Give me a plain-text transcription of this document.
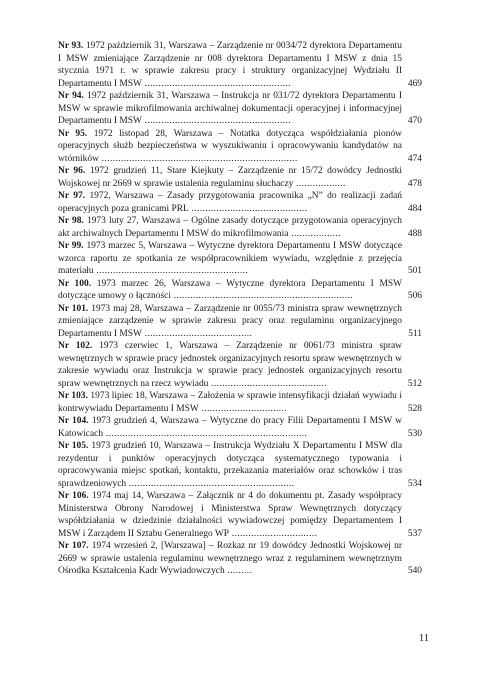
Nr 93. 1972 październik 31, Warszawa – Zarządzenie nr 0034/72 dyrektora Departamentu I MSW zmieniające Zarządzenie nr 008 dyrektora Departamentu I MSW z dnia 15 stycznia 1971 r. w sprawie zakresu pracy i struktury organizacyjnej Wydziału II Departamentu I MSW .....................................................	469

Nr 94. 1972 październik 31, Warszawa – Instrukcja nr 031/72 dyrektora Departamentu I MSW w sprawie mikrofilmowania archiwalnej dokumentacji operacyjnej i informacyjnej Departamentu I MSW .....................................................	470

Nr 95. 1972 listopad 28, Warszawa – Notatka dotycząca współdziałania pionów operacyjnych służb bezpieczeństwa w wyszukiwaniu i opracowywaniu kandydatów na wtórników .......................................................................	474

Nr 96. 1972 grudzień 11, Stare Kiejkuty – Zarządzenie nr 15/72 dowódcy Jednostki Wojskowej nr 2669 w sprawie ustalenia regulaminu słuchaczy ..................	478

Nr 97. 1972, Warszawa – Zasady przygotowania pracownika „N” do realizacji zadań operacyjnych poza granicami PRL ..........................................	484

Nr 98. 1973 luty 27, Warszawa – Ogólne zasady dotyczące przygotowania operacyjnych akt archiwalnych Departamentu I MSW do mikrofilmowania ..................	488

Nr 99. 1973 marzec 5, Warszawa – Wytyczne dyrektora Departamentu I MSW dotyczące wzorca raportu ze spotkania ze współpracownikiem wywiadu, względnie z przejęcia materiału .......................................................	501

Nr 100. 1973 marzec 26, Warszawa – Wytyczne dyrektora Departamentu I MSW dotyczące umowy o łączności .................................................................	506

Nr 101. 1973 maj 28, Warszawa – Zarządzenie nr 0055/73 ministra spraw wewnętrznych zmieniające zarządzenie w sprawie zakresu pracy oraz regulaminu organizacyjnego Departamentu I MSW .......................................	511

Nr 102. 1973 czerwiec 1, Warszawa – Zarządzenie nr 0061/73 ministra spraw wewnętrznych w sprawie pracy jednostek organizacyjnych resortu spraw wewnętrznych w zakresie wywiadu oraz Instrukcja w sprawie pracy jednostek organizacyjnych resortu spraw wewnętrznych na rzecz wywiadu ..........................................	512

Nr 103. 1973 lipiec 18, Warszawa – Założenia w sprawie intensyfikacji działań wywiadu i kontrwywiadu Departamentu I MSW ...............................	528

Nr 104. 1973 grudzień 4, Warszawa – Wytyczne do pracy Filii Departamentu I MSW w Katowicach .........................................................................	530

Nr 105. 1973 grudzień 10, Warszawa – Instrukcja Wydziału X Departamentu I MSW dla rezydentur i punktów operacyjnych dotycząca systematycznego typowania i opracowywania miejsc spotkań, kontaktu, przekazania materiałów oraz schowków i tras sprawdzeniowych ............................................................	534

Nr 106. 1974 maj 14, Warszawa – Załącznik nr 4 do dokumentu pt. Zasady współpracy Ministerstwa Obrony Narodowej i Ministerstwa Spraw Wewnętrznych dotyczący współdziałania w dziedzinie działalności wywiadowczej pomiędzy Departamentem I MSW i Zarządem II Sztabu Generalnego WP ...............................	537

Nr 107. 1974 wrzesień 2, [Warszawa] – Rozkaz nr 19 dowódcy Jednostki Wojskowej nr 2669 w sprawie ustalenia regulaminu wewnętrznego wraz z regulaminem wewnętrznym Ośrodka Kształcenia Kadr Wywiadowczych .........	540

11
